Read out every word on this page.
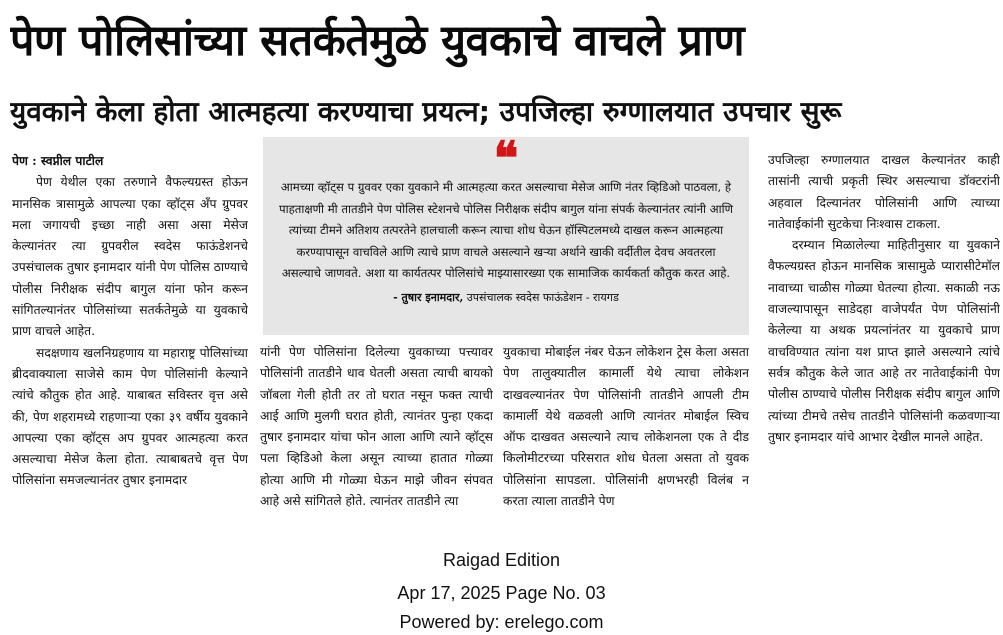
पेण पोलिसांच्या सतर्कतेमुळे युवकाचे वाचले प्राण
युवकाने केला होता आत्महत्या करण्याचा प्रयत्न; उपजिल्हा रुग्णालयात उपचार सुरू

पेण : स्वप्नील पाटील

पेण येथील एका तरुणाने वैफल्यग्रस्त होऊन मानसिक त्रासामुळे आपल्या एका व्हॉट्स अँप ग्रुपवर मला जगायची इच्छा नाही असा असा मेसेज केल्यानंतर त्या ग्रुपवरील स्वदेस फाऊंडेशनचे उपसंचालक तुषार इनामदार यांनी पेण पोलिस ठाण्याचे पोलीस निरीक्षक संदीप बागुल यांना फोन करून सांगितल्यानंतर पोलिसांच्या सतर्कतेमुळे या युवकाचे प्राण वाचले आहेत.

सदक्षणाय खलनिग्रहणाय या महाराष्ट्र पोलिसांच्या ब्रीदवाक्याला साजेसे काम पेण पोलिसांनी केल्याने त्यांचे कौतुक होत आहे. याबाबत सविस्तर वृत्त असे की, पेण शहरामध्ये राहणाऱ्या एका ३९ वर्षीय युवकाने आपल्या एका व्हॉट्स अप ग्रुपवर आत्महत्या करत असल्याचा मेसेज केला होता. त्याबाबतचे वृत्त पेण पोलिसांना समजल्यानंतर तुषार इनामदार

❝

आमच्या व्हॉट्स प ग्रुववर एका युवकाने मी आत्महत्या करत असल्याचा मेसेज आणि नंतर व्हिडिओ पाठवला, हे पाहताक्षणी मी तातडीने पेण पोलिस स्टेशनचे पोलिस निरीक्षक संदीप बागुल यांना संपर्क केल्यानंतर त्यांनी आणि त्यांच्या टीमने अतिशय तत्परतेने हालचाली करून त्याचा शोध घेऊन हॉस्पिटलमध्ये दाखल करून आत्महत्या करण्यापासून वाचविले आणि त्याचे प्राण वाचले असल्याने खऱ्या अर्थाने खाकी वर्दीतील देवच अवतरला असल्याचे जाणवते. अशा या कार्यतत्पर पोलिसांचे माझ्यासारख्या एक सामाजिक कार्यकर्ता कौतुक करत आहे.

- तुषार इनामदार, उपसंचालक स्वदेस फाऊंडेशन - रायगड

यांनी पेण पोलिसांना दिलेल्या युवकाच्या पत्त्यावर पोलिसांनी तातडीने धाव घेतली असता त्याची बायको जॉबला गेली होती तर तो घरात नसून फक्त त्याची आई आणि मुलगी घरात होती, त्यानंतर पुन्हा एकदा तुषार इनामदार यांचा फोन आला आणि त्याने व्हॉट्स पला व्हिडिओ केला असून त्याच्या हातात गोळ्या होत्या आणि मी गोळ्या घेऊन माझे जीवन संपवत आहे असे सांगितले होते. त्यानंतर तातडीने त्या

युवकाचा मोबाईल नंबर घेऊन लोकेशन ट्रेस केला असता पेण तालुक्यातील कामार्ली येथे त्याचा लोकेशन दाखवल्यानंतर पेण पोलिसांनी तातडीने आपली टीम कामार्ली येथे वळवली आणि त्यानंतर मोबाईल स्विच ऑफ दाखवत असल्याने त्याच लोकेशनला एक ते दीड किलोमीटरच्या परिसरात शोध घेतला असता तो युवक पोलिसांना सापडला. पोलिसांनी क्षणभरही विलंब न करता त्याला तातडीने पेण

उपजिल्हा रुग्णालयात दाखल केल्यानंतर काही तासांनी त्याची प्रकृती स्थिर असल्याचा डॉक्टरांनी अहवाल दिल्यानंतर पोलिसांनी आणि त्याच्या नातेवाईकांनी सुटकेचा निःश्वास टाकला.

दरम्यान मिळालेल्या माहितीनुसार या युवकाने वैफल्यग्रस्त होऊन मानसिक त्रासामुळे प्यारासीटेमॉल नावाच्या चाळीस गोळ्या घेतल्या होत्या. सकाळी नऊ वाजल्यापासून साडेदहा वाजेपर्यंत पेण पोलिसांनी केलेल्या या अथक प्रयत्नांनंतर या युवकाचे प्राण वाचविण्यात त्यांना यश प्राप्त झाले असल्याने त्यांचे सर्वत्र कौतुक केले जात आहे तर नातेवाईकांनी पेण पोलीस ठाण्याचे पोलीस निरीक्षक संदीप बागुल आणि त्यांच्या टीमचे तसेच तातडीने पोलिसांनी कळवणाऱ्या तुषार इनामदार यांचे आभार देखील मानले आहेत.

Raigad Edition
Apr 17, 2025 Page No. 03
Powered by: erelego.com
